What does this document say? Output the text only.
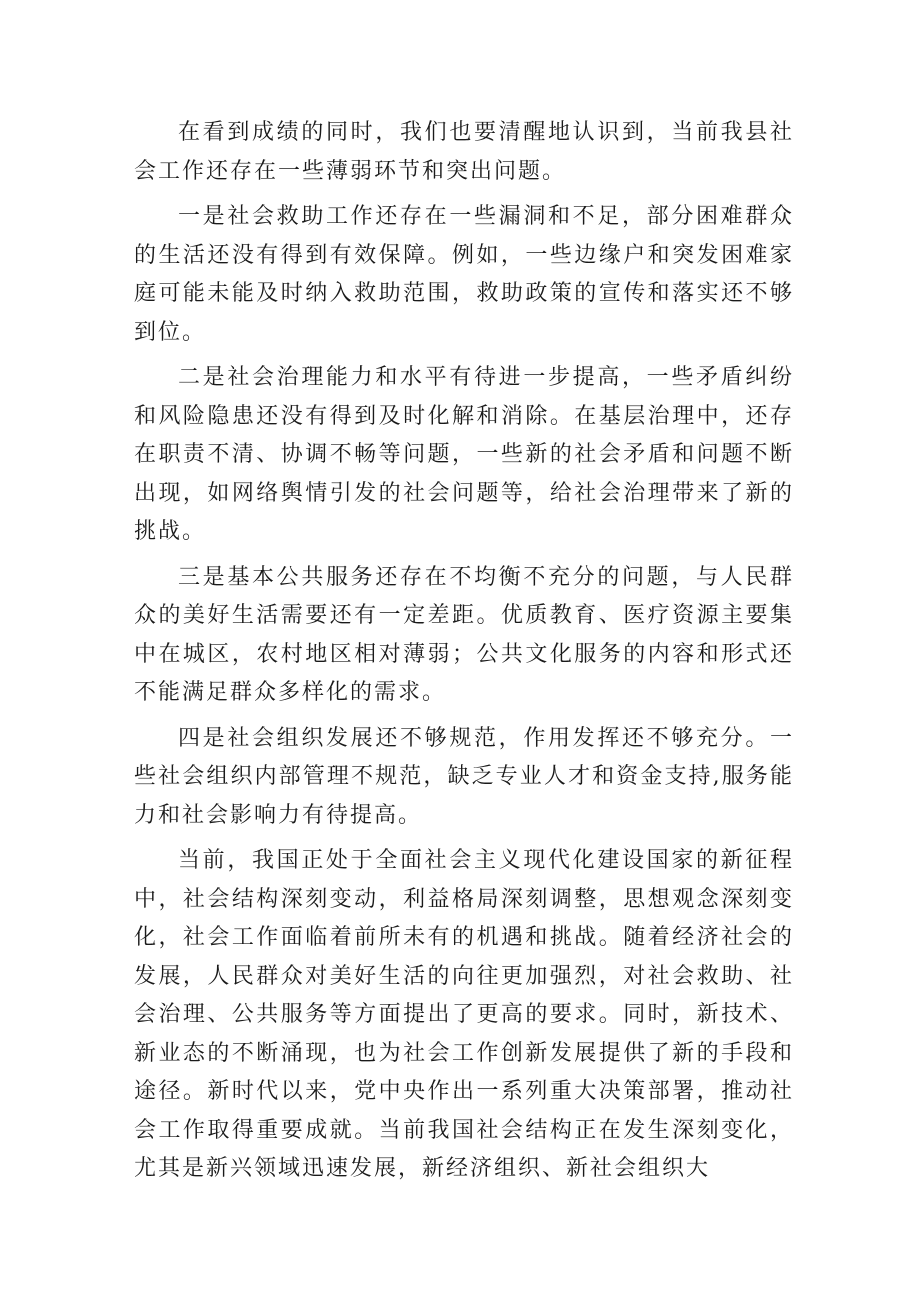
在看到成绩的同时，我们也要清醒地认识到，当前我县社会工作还存在一些薄弱环节和突出问题。

一是社会救助工作还存在一些漏洞和不足，部分困难群众的生活还没有得到有效保障。例如，一些边缘户和突发困难家庭可能未能及时纳入救助范围，救助政策的宣传和落实还不够到位。

二是社会治理能力和水平有待进一步提高，一些矛盾纠纷和风险隐患还没有得到及时化解和消除。在基层治理中，还存在职责不清、协调不畅等问题，一些新的社会矛盾和问题不断出现，如网络舆情引发的社会问题等，给社会治理带来了新的挑战。

三是基本公共服务还存在不均衡不充分的问题，与人民群众的美好生活需要还有一定差距。优质教育、医疗资源主要集中在城区，农村地区相对薄弱；公共文化服务的内容和形式还不能满足群众多样化的需求。

四是社会组织发展还不够规范，作用发挥还不够充分。一些社会组织内部管理不规范，缺乏专业人才和资金支持,服务能力和社会影响力有待提高。

当前，我国正处于全面社会主义现代化建设国家的新征程中，社会结构深刻变动，利益格局深刻调整，思想观念深刻变化，社会工作面临着前所未有的机遇和挑战。随着经济社会的发展，人民群众对美好生活的向往更加强烈，对社会救助、社会治理、公共服务等方面提出了更高的要求。同时，新技术、新业态的不断涌现，也为社会工作创新发展提供了新的手段和途径。新时代以来，党中央作出一系列重大决策部署，推动社会工作取得重要成就。当前我国社会结构正在发生深刻变化，尤其是新兴领域迅速发展，新经济组织、新社会组织大
